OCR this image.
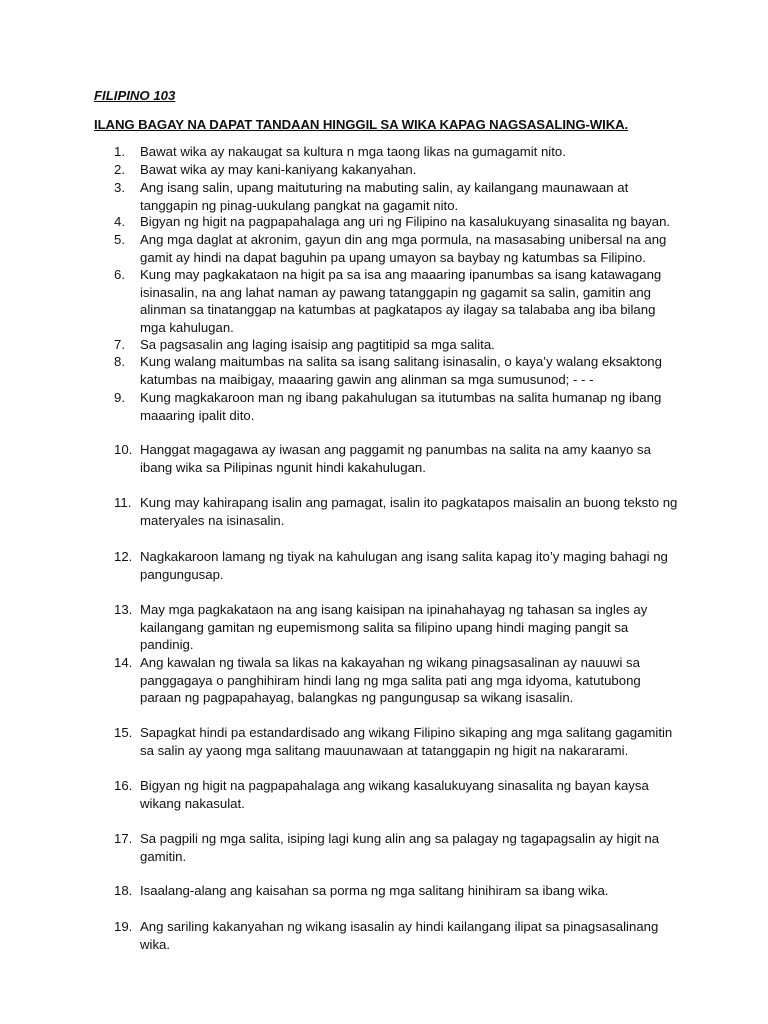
FILIPINO 103
ILANG BAGAY NA DAPAT TANDAAN HINGGIL SA WIKA KAPAG NAGSASALING-WIKA.
1.	Bawat wika ay nakaugat sa kultura n mga taong likas na gumagamit nito.
2.	Bawat wika ay may kani-kaniyang kakanyahan.
3.	Ang isang salin, upang maituturing na mabuting salin, ay kailangang maunawaan at tanggapin ng pinag-uukulang pangkat na gagamit nito.
4.	Bigyan ng higit na pagpapahalaga ang uri ng Filipino na kasalukuyang sinasalita ng bayan.
5.	Ang mga daglat at akronim, gayun din ang mga pormula, na masasabing unibersal na ang gamit ay hindi na dapat baguhin pa upang umayon sa baybay ng katumbas sa Filipino.
6.	Kung may pagkakataon na higit pa sa isa ang maaaring ipanumbas sa isang katawagang isinasalin, na ang lahat naman ay pawang tatanggapin ng gagamit sa salin, gamitin ang alinman sa tinatanggap na katumbas at pagkatapos ay ilagay sa talababa ang iba bilang mga kahulugan.
7.	Sa pagsasalin ang laging isaisip ang pagtitipid sa mga salita.
8.	Kung walang maitumbas na salita sa isang salitang isinasalin, o kaya’y walang eksaktong katumbas na maibigay, maaaring gawin ang alinman sa mga sumusunod; - - -
9.	Kung magkakaroon man ng ibang pakahulugan sa itutumbas na salita humanap ng ibang maaaring ipalit dito.
10. Hanggat magagawa ay iwasan ang paggamit ng panumbas na salita na amy kaanyo sa ibang wika sa Pilipinas ngunit hindi kakahulugan.
11. Kung may kahirapang isalin ang pamagat, isalin ito pagkatapos maisalin an buong teksto ng materyales na isinasalin.
12. Nagkakaroon lamang ng tiyak na kahulugan ang isang salita kapag ito’y maging bahagi ng pangungusap.
13. May mga pagkakataon na ang isang kaisipan na ipinahahayag ng tahasan sa ingles ay kailangang gamitan ng eupemismong salita sa filipino upang hindi maging pangit sa pandinig.
14. Ang kawalan ng tiwala sa likas na kakayahan ng wikang pinagsasalinan ay nauuwi sa panggagaya o panghihiram hindi lang ng mga salita pati ang mga idyoma, katutubong paraan ng pagpapahayag, balangkas ng pangungusap sa wikang isasalin.
15. Sapagkat hindi pa estandardisado ang wikang Filipino sikaping ang mga salitang gagamitin sa salin ay yaong mga salitang mauunawaan at tatanggapin ng higit na nakararami.
16. Bigyan ng higit na pagpapahalaga ang wikang kasalukuyang sinasalita ng bayan kaysa wikang nakasulat.
17. Sa pagpili ng mga salita, isiping lagi kung alin ang sa palagay ng tagapagsalin ay higit na gamitin.
18. Isaalang-alang ang kaisahan sa porma ng mga salitang hinihiram sa ibang wika.
19. Ang sariling kakanyahan ng wikang isasalin ay hindi kailangang ilipat sa pinagsasalinang wika.
